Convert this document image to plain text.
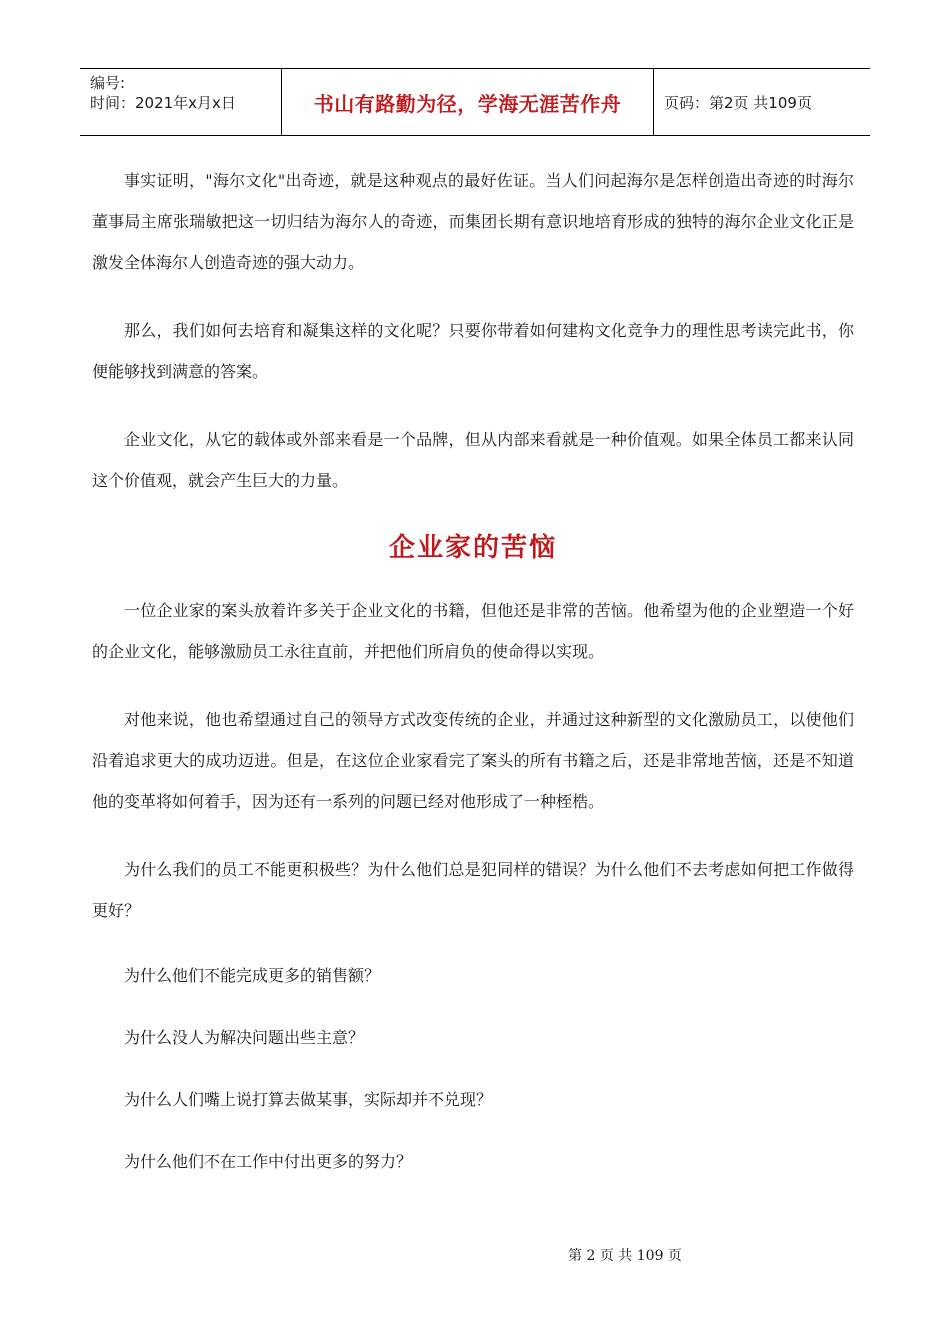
编号:
时间：2021年x月x日	书山有路勤为径，学海无涯苦作舟	页码：第2页 共109页

事实证明，"海尔文化"出奇迹，就是这种观点的最好佐证。当人们问起海尔是怎样创造出奇迹的时海尔董事局主席张瑞敏把这一切归结为海尔人的奇迹，而集团长期有意识地培育形成的独特的海尔企业文化正是激发全体海尔人创造奇迹的强大动力。

那么，我们如何去培育和凝集这样的文化呢？只要你带着如何建构文化竞争力的理性思考读完此书，你便能够找到满意的答案。

企业文化，从它的载体或外部来看是一个品牌，但从内部来看就是一种价值观。如果全体员工都来认同这个价值观，就会产生巨大的力量。

企业家的苦恼

一位企业家的案头放着许多关于企业文化的书籍，但他还是非常的苦恼。他希望为他的企业塑造一个好的企业文化，能够激励员工永往直前，并把他们所肩负的使命得以实现。

对他来说，他也希望通过自己的领导方式改变传统的企业，并通过这种新型的文化激励员工，以使他们沿着追求更大的成功迈进。但是，在这位企业家看完了案头的所有书籍之后，还是非常地苦恼，还是不知道他的变革将如何着手，因为还有一系列的问题已经对他形成了一种桎梏。

为什么我们的员工不能更积极些？为什么他们总是犯同样的错误？为什么他们不去考虑如何把工作做得更好？

为什么他们不能完成更多的销售额？

为什么没人为解决问题出些主意？

为什么人们嘴上说打算去做某事，实际却并不兑现？

为什么他们不在工作中付出更多的努力？

第 2 页 共 109 页
